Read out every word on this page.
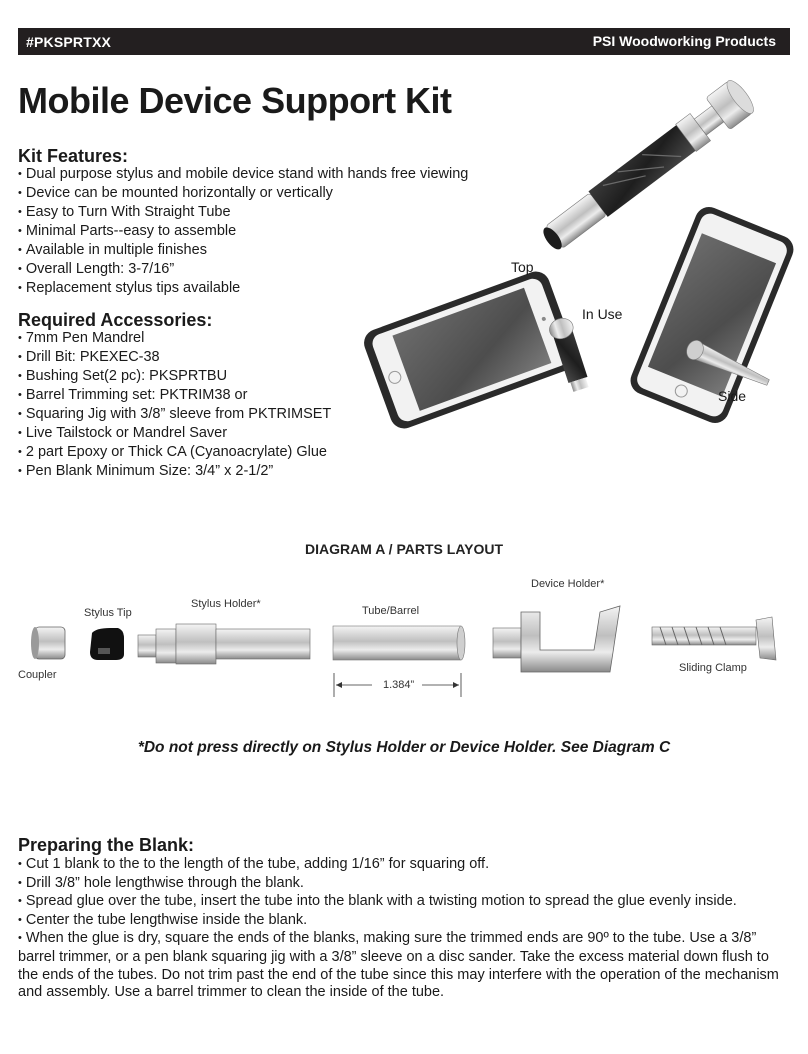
#PKSPRTXX	PSI Woodworking Products
Mobile Device Support Kit
Kit Features:
• Dual purpose stylus and mobile device stand with hands free viewing
• Device can be mounted horizontally or vertically
• Easy to Turn With Straight Tube
• Minimal Parts--easy to assemble
• Available in multiple finishes
• Overall Length: 3-7/16”
• Replacement stylus tips available
Required Accessories:
• 7mm Pen Mandrel
• Drill Bit: PKEXEC-38
• Bushing Set(2 pc): PKSPRTBU
• Barrel Trimming set: PKTRIM38 or
• Squaring Jig with 3/8” sleeve from PKTRIMSET
• Live Tailstock or Mandrel Saver
• 2 part Epoxy or Thick CA (Cyanoacrylate) Glue
• Pen Blank Minimum Size: 3/4” x 2-1/2”
Top
In Use
Side
DIAGRAM A / PARTS LAYOUT
Coupler
Stylus Tip
Stylus Holder*
Tube/Barrel
Device Holder*
Sliding Clamp
1.384”
*Do not press directly on Stylus Holder or Device Holder. See Diagram C
Preparing the Blank:
• Cut 1 blank to the to the length of the tube, adding 1/16” for squaring off.
• Drill 3/8” hole lengthwise through the blank.
• Spread glue over the tube, insert the tube into the blank with a twisting motion to spread the glue evenly inside.
• Center the tube lengthwise inside the blank.
• When the glue is dry, square the ends of the blanks, making sure the trimmed ends are 90º to the tube. Use a 3/8” barrel trimmer, or a pen blank squaring jig with a 3/8” sleeve on a disc sander. Take the excess material down flush to the ends of the tubes. Do not trim past the end of the tube since this may interfere with the operation of the mechanism and assembly. Use a barrel trimmer to clean the inside of the tube.
